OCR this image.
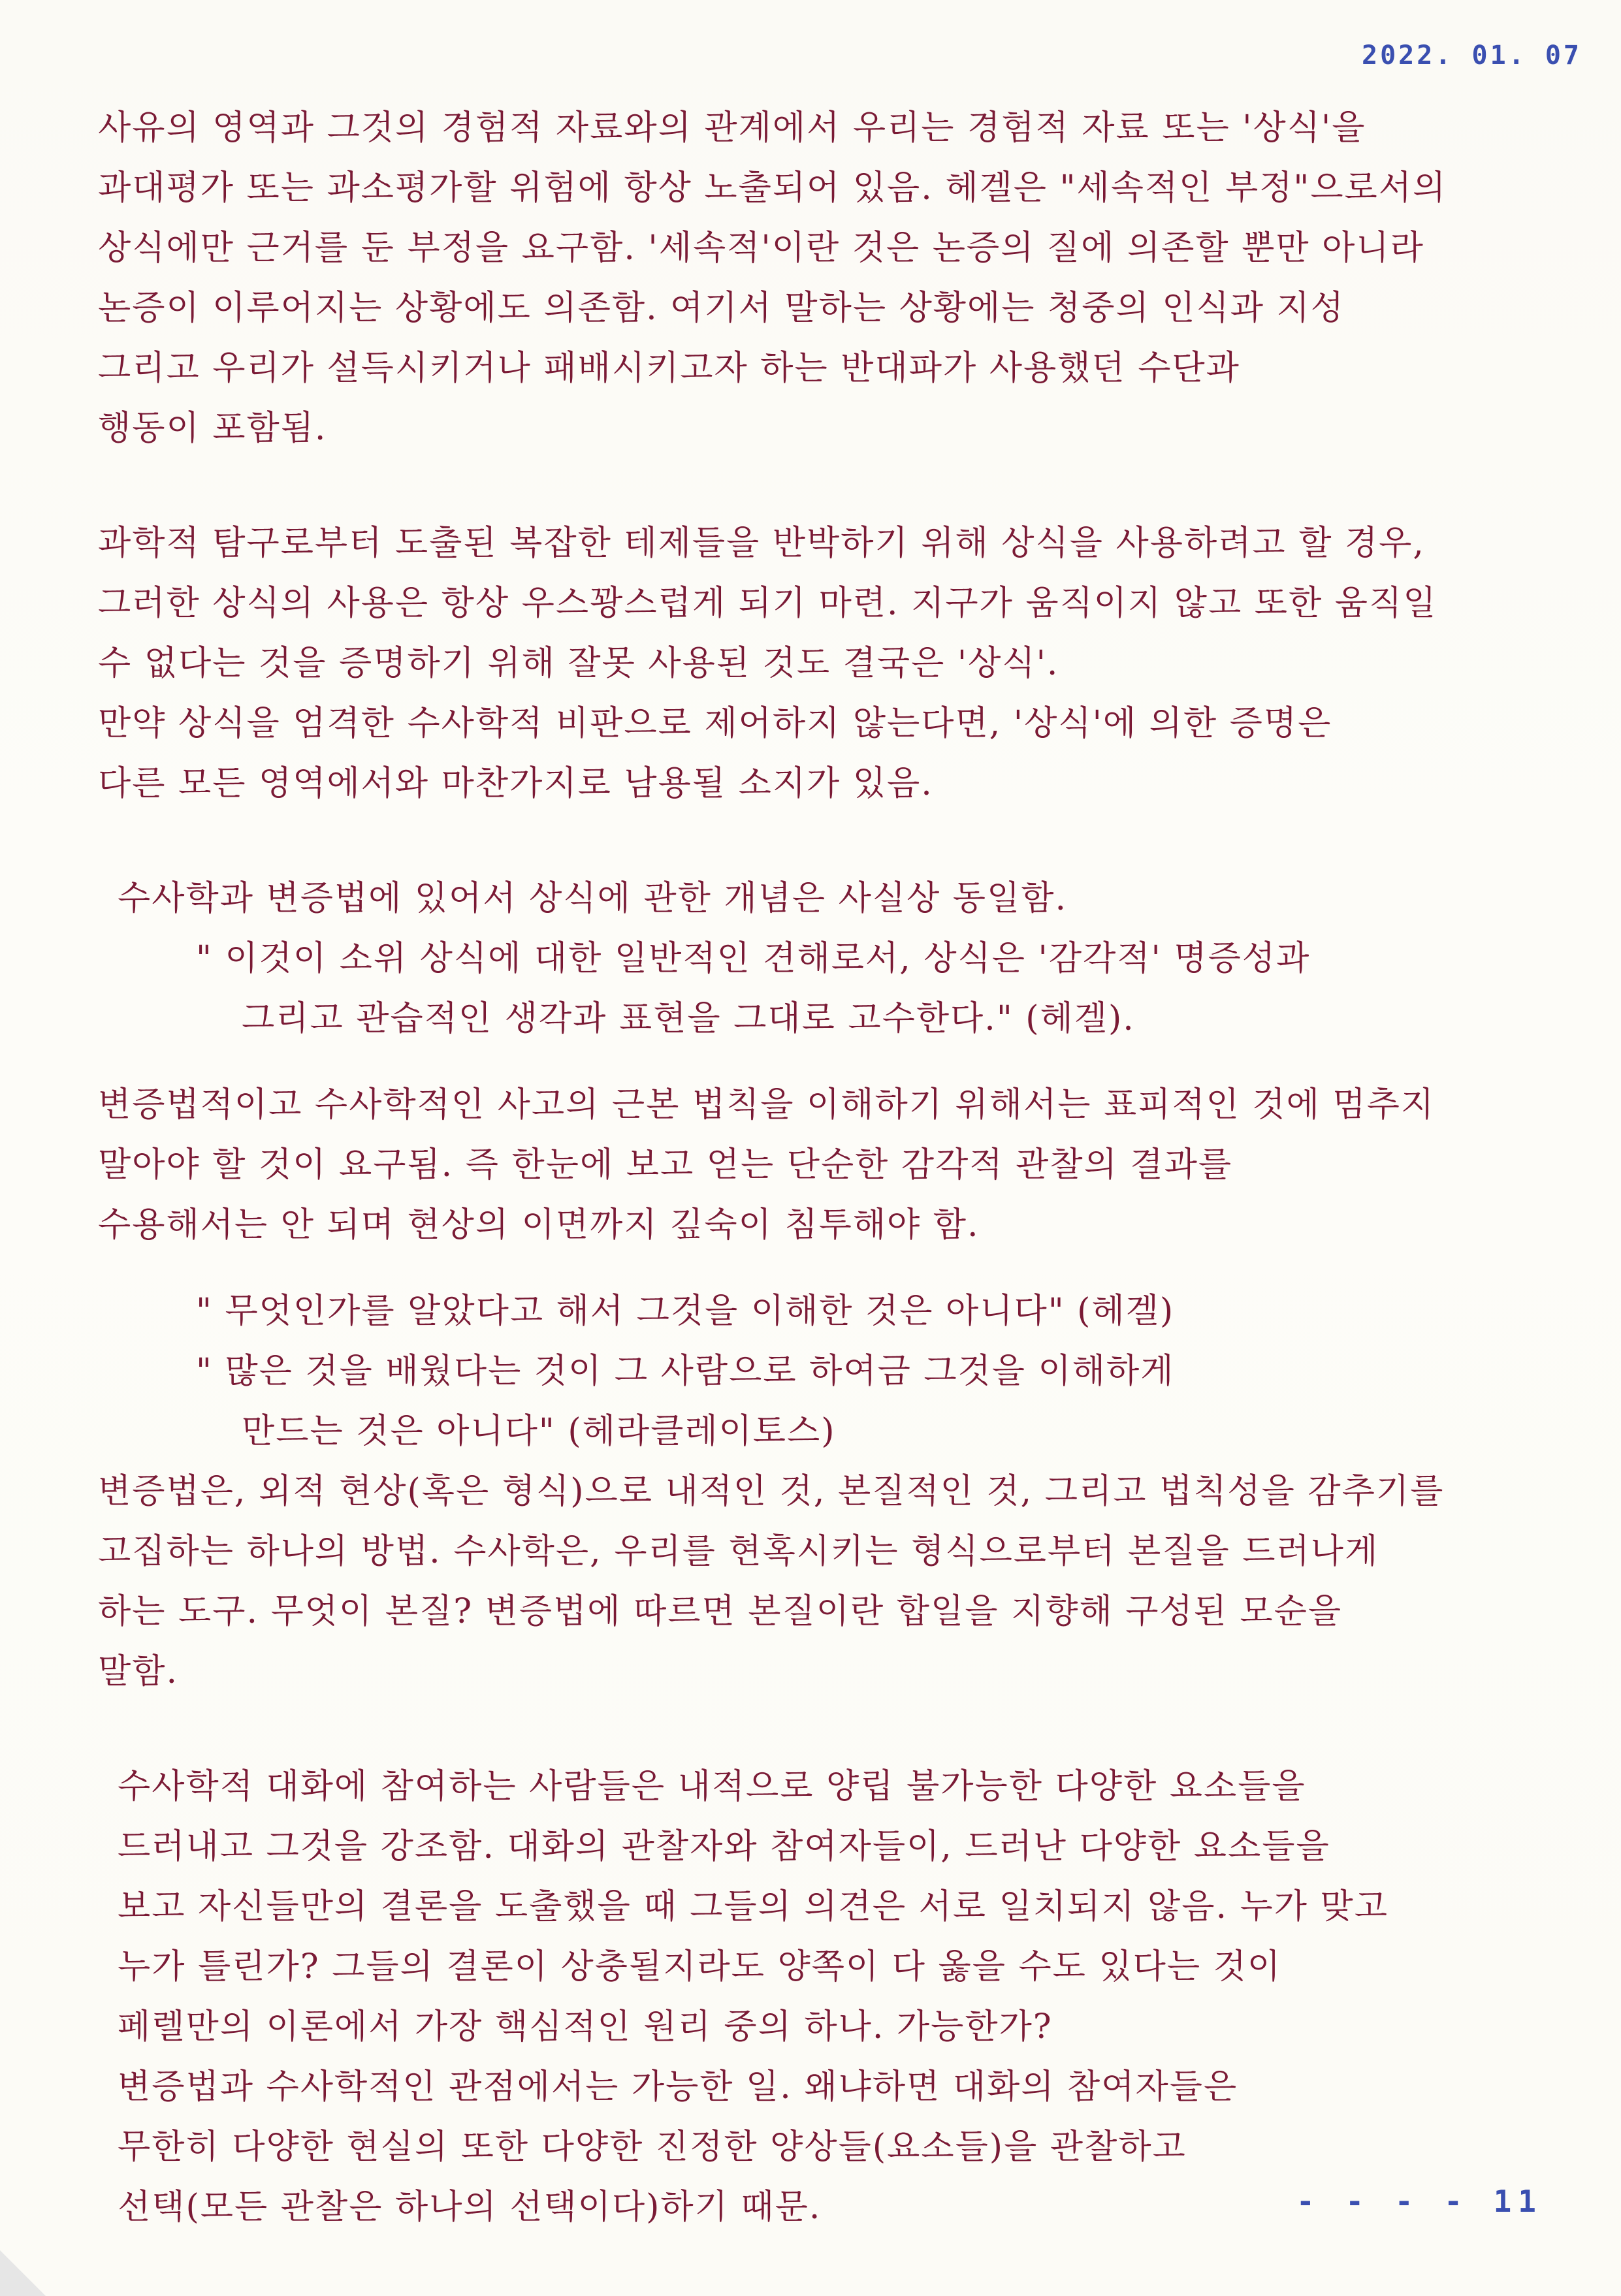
2022. 01. 07
사유의 영역과 그것의 경험적 자료와의 관계에서 우리는 경험적 자료 또는 '상식'을
과대평가 또는 과소평가할 위험에 항상 노출되어 있음. 헤겔은 "세속적인 부정"으로서의
상식에만 근거를 둔 부정을 요구함. '세속적'이란 것은 논증의 질에 의존할 뿐만 아니라
논증이 이루어지는 상황에도 의존함. 여기서 말하는 상황에는 청중의 인식과 지성
그리고 우리가 설득시키거나 패배시키고자 하는 반대파가 사용했던 수단과
행동이 포함됨.
과학적 탐구로부터 도출된 복잡한 테제들을 반박하기 위해 상식을 사용하려고 할 경우,
그러한 상식의 사용은 항상 우스꽝스럽게 되기 마련. 지구가 움직이지 않고 또한 움직일
수 없다는 것을 증명하기 위해 잘못 사용된 것도 결국은 '상식'.
만약 상식을 엄격한 수사학적 비판으로 제어하지 않는다면, '상식'에 의한 증명은
다른 모든 영역에서와 마찬가지로 남용될 소지가 있음.
수사학과 변증법에 있어서 상식에 관한 개념은 사실상 동일함.
" 이것이 소위 상식에 대한 일반적인 견해로서, 상식은 '감각적' 명증성과
그리고 관습적인 생각과 표현을 그대로 고수한다." (헤겔).
변증법적이고 수사학적인 사고의 근본 법칙을 이해하기 위해서는 표피적인 것에 멈추지
말아야 할 것이 요구됨. 즉 한눈에 보고 얻는 단순한 감각적 관찰의 결과를
수용해서는 안 되며 현상의 이면까지 깊숙이 침투해야 함.
" 무엇인가를 알았다고 해서 그것을 이해한 것은 아니다" (헤겔)
" 많은 것을 배웠다는 것이 그 사람으로 하여금 그것을 이해하게
만드는 것은 아니다" (헤라클레이토스)
변증법은, 외적 현상(혹은 형식)으로 내적인 것, 본질적인 것, 그리고 법칙성을 감추기를
고집하는 하나의 방법. 수사학은, 우리를 현혹시키는 형식으로부터 본질을 드러나게
하는 도구. 무엇이 본질? 변증법에 따르면 본질이란 합일을 지향해 구성된 모순을
말함.
수사학적 대화에 참여하는 사람들은 내적으로 양립 불가능한 다양한 요소들을
드러내고 그것을 강조함. 대화의 관찰자와 참여자들이, 드러난 다양한 요소들을
보고 자신들만의 결론을 도출했을 때 그들의 의견은 서로 일치되지 않음. 누가 맞고
누가 틀린가? 그들의 결론이 상충될지라도 양쪽이 다 옳을 수도 있다는 것이
페렐만의 이론에서 가장 핵심적인 원리 중의 하나. 가능한가?
변증법과 수사학적인 관점에서는 가능한 일. 왜냐하면 대화의 참여자들은
무한히 다양한 현실의 또한 다양한 진정한 양상들(요소들)을 관찰하고
선택(모든 관찰은 하나의 선택이다)하기 때문.	- - - - 11
